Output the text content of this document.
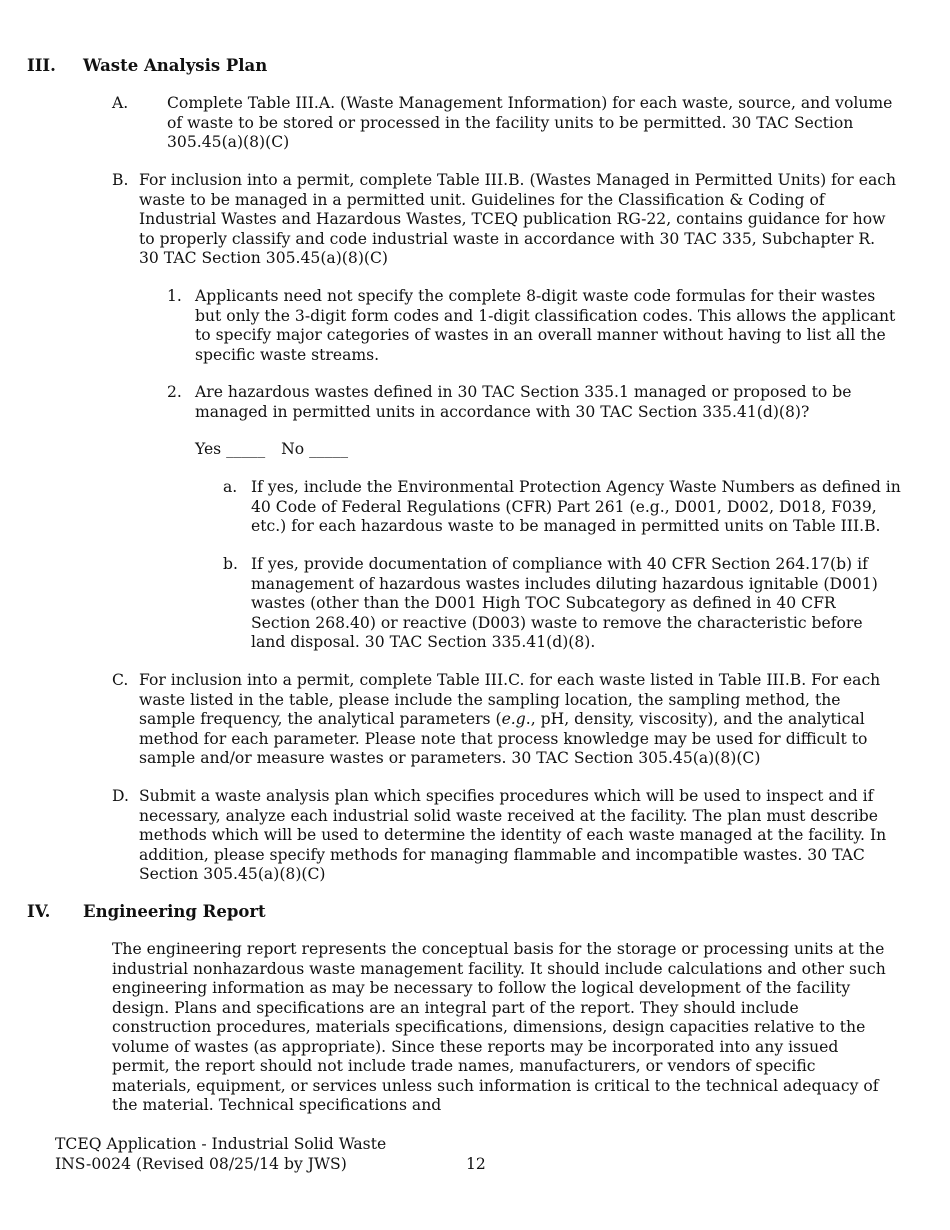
III. Waste Analysis Plan
A. Complete Table III.A. (Waste Management Information) for each waste, source, and volume of waste to be stored or processed in the facility units to be permitted. 30 TAC Section 305.45(a)(8)(C)

B. For inclusion into a permit, complete Table III.B. (Wastes Managed in Permitted Units) for each waste to be managed in a permitted unit. Guidelines for the Classification & Coding of Industrial Wastes and Hazardous Wastes, TCEQ publication RG-22, contains guidance for how to properly classify and code industrial waste in accordance with 30 TAC 335, Subchapter R. 30 TAC Section 305.45(a)(8)(C)

1. Applicants need not specify the complete 8-digit waste code formulas for their wastes but only the 3-digit form codes and 1-digit classification codes. This allows the applicant to specify major categories of wastes in an overall manner without having to list all the specific waste streams.

2. Are hazardous wastes defined in 30 TAC Section 335.1 managed or proposed to be managed in permitted units in accordance with 30 TAC Section 335.41(d)(8)?

Yes _____ No _____
a. If yes, include the Environmental Protection Agency Waste Numbers as defined in 40 Code of Federal Regulations (CFR) Part 261 (e.g., D001, D002, D018, F039, etc.) for each hazardous waste to be managed in permitted units on Table III.B.

b. If yes, provide documentation of compliance with 40 CFR Section 264.17(b) if management of hazardous wastes includes diluting hazardous ignitable (D001) wastes (other than the D001 High TOC Subcategory as defined in 40 CFR Section 268.40) or reactive (D003) waste to remove the characteristic before land disposal. 30 TAC Section 335.41(d)(8).

C. For inclusion into a permit, complete Table III.C. for each waste listed in Table III.B. For each waste listed in the table, please include the sampling location, the sampling method, the sample frequency, the analytical parameters (e.g., pH, density, viscosity), and the analytical method for each parameter. Please note that process knowledge may be used for difficult to sample and/or measure wastes or parameters. 30 TAC Section 305.45(a)(8)(C)

D. Submit a waste analysis plan which specifies procedures which will be used to inspect and if necessary, analyze each industrial solid waste received at the facility. The plan must describe methods which will be used to determine the identity of each waste managed at the facility. In addition, please specify methods for managing flammable and incompatible wastes. 30 TAC Section 305.45(a)(8)(C)

IV. Engineering Report

The engineering report represents the conceptual basis for the storage or processing units at the industrial nonhazardous waste management facility. It should include calculations and other such engineering information as may be necessary to follow the logical development of the facility design. Plans and specifications are an integral part of the report. They should include construction procedures, materials specifications, dimensions, design capacities relative to the volume of wastes (as appropriate). Since these reports may be incorporated into any issued permit, the report should not include trade names, manufacturers, or vendors of specific materials, equipment, or services unless such information is critical to the technical adequacy of the material. Technical specifications and

TCEQ Application - Industrial Solid Waste
INS-0024 (Revised 08/25/14 by JWS)	12
